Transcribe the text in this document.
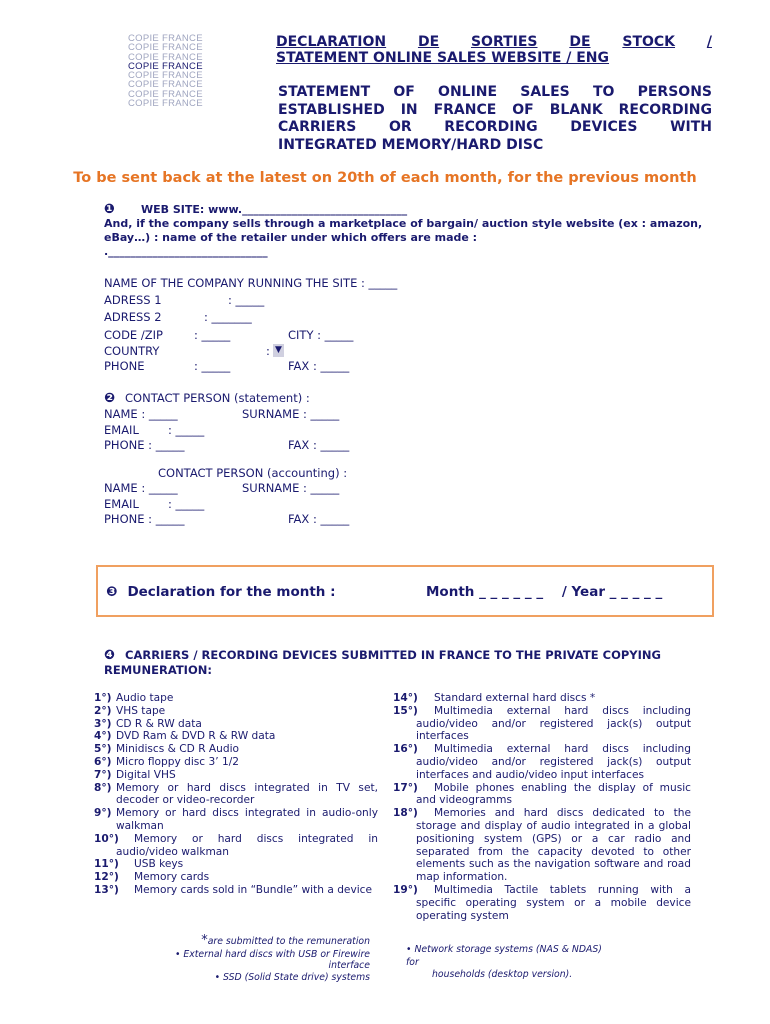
COPIE FRANCE
COPIE FRANCE
COPIE FRANCE
COPIE FRANCE
COPIE FRANCE
COPIE FRANCE
COPIE FRANCE
COPIE FRANCE
DECLARATION DE SORTIES DE STOCK /
STATEMENT ONLINE SALES WEBSITE / ENG
STATEMENT OF ONLINE SALES TO PERSONS
ESTABLISHED IN FRANCE OF BLANK RECORDING
CARRIERS OR RECORDING DEVICES WITH
INTEGRATED MEMORY/HARD DISC
To be sent back at the latest on 20th of each month, for the previous month
❶ WEB SITE: www.______________________________
And, if the company sells through a marketplace of bargain/ auction style website (ex : amazon, eBay…) : name of the retailer under which offers are made :
._____________________________
NAME OF THE COMPANY RUNNING THE SITE : _____
ADRESS 1	: _____
ADRESS 2	: _______
CODE /ZIP	: _____	CITY : _____
COUNTRY	: ▼
PHONE	: _____	FAX : _____
❷ CONTACT PERSON (statement) :
NAME : _____	SURNAME : _____
EMAIL	: _____
PHONE : _____	FAX : _____
CONTACT PERSON (accounting) :
NAME : _____	SURNAME : _____
EMAIL	: _____
PHONE : _____	FAX : _____
❸ Declaration for the month :	Month _ _ _ _ _ _    / Year _ _ _ _ _
❹ CARRIERS / RECORDING DEVICES SUBMITTED IN FRANCE TO THE PRIVATE COPYING REMUNERATION:
1°) Audio tape
2°) VHS tape
3°) CD R & RW data
4°) DVD Ram & DVD R & RW data
5°) Minidiscs & CD R Audio
6°) Micro floppy disc 3’ 1/2
7°) Digital VHS
8°) Memory or hard discs integrated in TV set, decoder or video-recorder
9°) Memory or hard discs integrated in audio-only walkman
10°) Memory or hard discs integrated in audio/video walkman
11°) USB keys
12°) Memory cards
13°) Memory cards sold in “Bundle” with a device
14°) Standard external hard discs *
15°) Multimedia external hard discs including audio/video and/or registered jack(s) output interfaces
16°) Multimedia external hard discs including audio/video and/or registered jack(s) output interfaces and audio/video input interfaces
17°) Mobile phones enabling the display of music and videogramms
18°) Memories and hard discs dedicated to the storage and display of audio integrated in a global positioning system (GPS) or a car radio and separated from the capacity devoted to other elements such as the navigation software and road map information.
19°) Multimedia Tactile tablets running with a specific operating system or a mobile device operating system
*are submitted to the remuneration
• External hard discs with USB or Firewire interface
• SSD (Solid State drive) systems
• Network storage systems (NAS & NDAS)
for
households (desktop version).
